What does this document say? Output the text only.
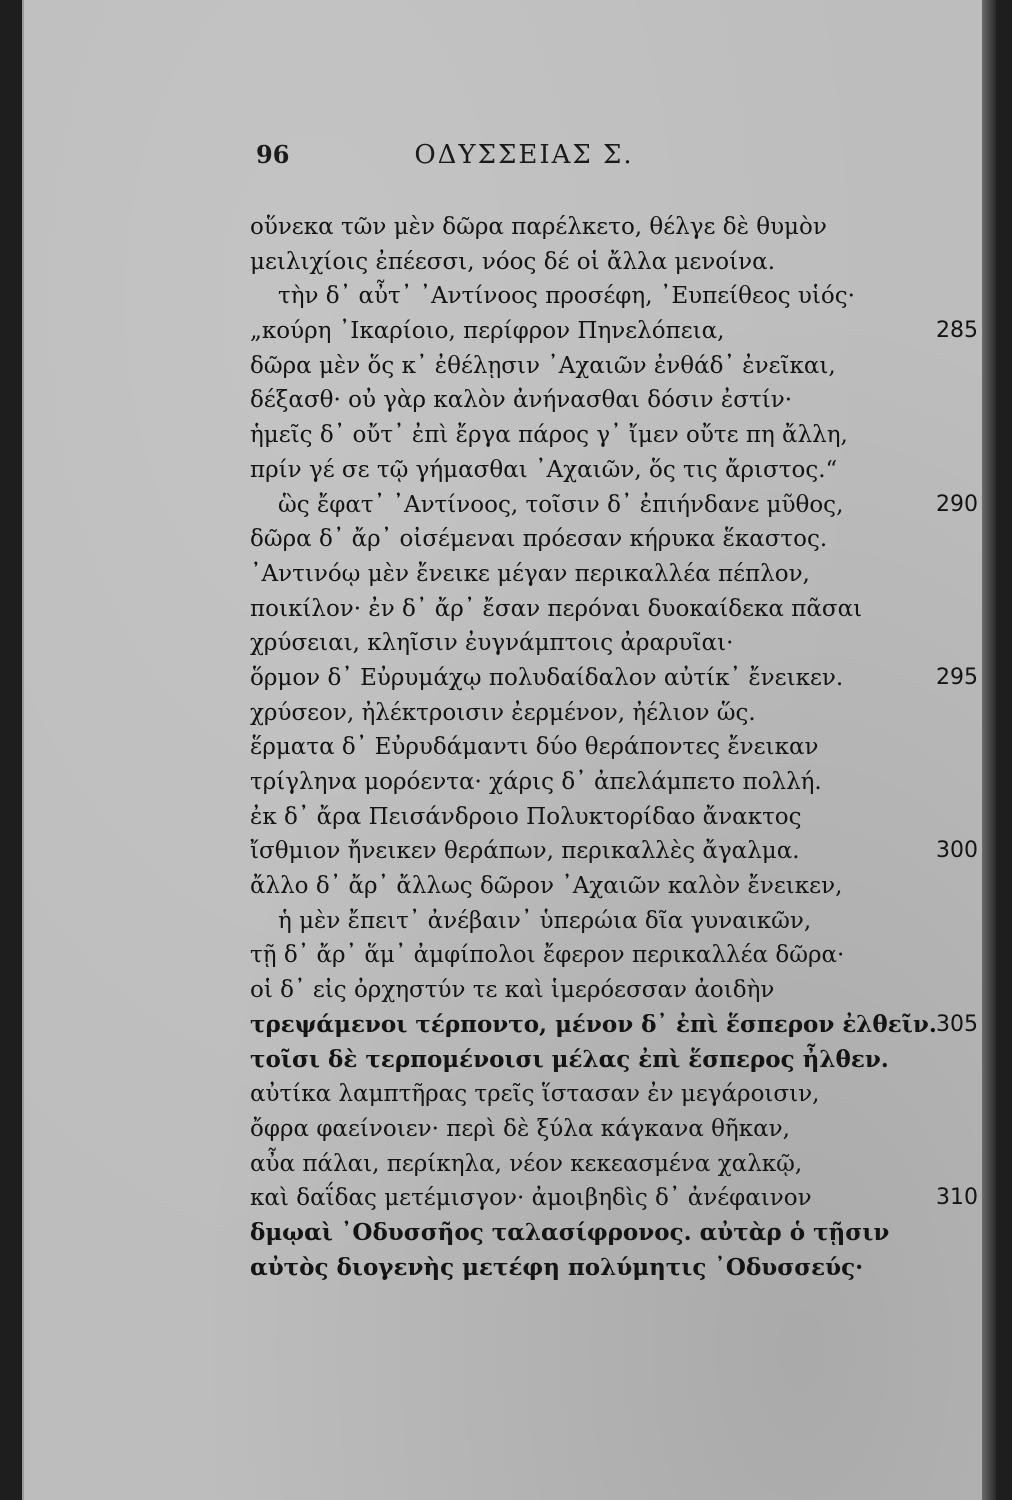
96	ΟΔΥΣΣΕΙΑΣ Σ.
οὕνεκα τῶν μὲν δῶρα παρέλκετο, θέλγε δὲ θυμὸν
μειλιχίοις ἐπέεσσι, νόος δέ οἱ ἄλλα μενοίνα.
τὴν δ᾽ αὖτ᾽ ᾽Αντίνοος προσέφη, ᾽Ευπείθεος υἱός·
„κούρη ᾽Ικαρίοιο, περίφρον Πηνελόπεια,	285
δῶρα μὲν ὅς κ᾽ ἐθέλῃσιν ᾽Αχαιῶν ἐνθάδ᾽ ἐνεῖκαι,
δέξασθ· οὐ γὰρ καλὸν ἀνήνασθαι δόσιν ἐστίν·
ἡμεῖς δ᾽ οὔτ᾽ ἐπὶ ἔργα πάρος γ᾽ ἴμεν οὔτε πη ἄλλη,
πρίν γέ σε τῷ γήμασθαι ᾽Αχαιῶν, ὅς τις ἄριστος.“
ὣς ἔφατ᾽ ᾽Αντίνοος, τοῖσιν δ᾽ ἐπιήνδανε μῦθος,	290
δῶρα δ᾽ ἄρ᾽ οἰσέμεναι πρόεσαν κήρυκα ἕκαστος.
᾽Αντινόῳ μὲν ἔνεικε μέγαν περικαλλέα πέπλον,
ποικίλον· ἐν δ᾽ ἄρ᾽ ἔσαν περόναι δυοκαίδεκα πᾶσαι
χρύσειαι, κληῖσιν ἐυγνάμπτοις ἀραρυῖαι·
ὅρμον δ᾽ Εὐρυμάχῳ πολυδαίδαλον αὐτίκ᾽ ἔνεικεν.	295
χρύσεον, ἠλέκτροισιν ἐερμένον, ἠέλιον ὥς.
ἕρματα δ᾽ Εὐρυδάμαντι δύο θεράποντες ἔνεικαν
τρίγληνα μορόεντα· χάρις δ᾽ ἀπελάμπετο πολλή.
ἐκ δ᾽ ἄρα Πεισάνδροιο Πολυκτορίδαο ἄνακτος
ἴσθμιον ἤνεικεν θεράπων, περικαλλὲς ἄγαλμα.	300
ἄλλο δ᾽ ἄρ᾽ ἄλλως δῶρον ᾽Αχαιῶν καλὸν ἔνεικεν,
ἡ μὲν ἔπειτ᾽ ἀνέβαιν᾽ ὑπερώια δῖα γυναικῶν,
τῇ δ᾽ ἄρ᾽ ἅμ᾽ ἀμφίπολοι ἔφερον περικαλλέα δῶρα·
οἱ δ᾽ εἰς ὀρχηστύν τε καὶ ἱμερόεσσαν ἀοιδὴν
τρεψάμενοι τέρποντο, μένον δ᾽ ἐπὶ ἕσπερον ἐλθεῖν. 305
τοῖσι δὲ τερπομένοισι μέλας ἐπὶ ἕσπερος ἦλθεν.
αὐτίκα λαμπτῆρας τρεῖς ἵστασαν ἐν μεγάροισιν,
ὄφρα φαείνοιεν· περὶ δὲ ξύλα κάγκανα θῆκαν,
αὖα πάλαι, περίκηλα, νέον κεκεασμένα χαλκῷ,
καὶ δαΐδας μετέμισγον· ἀμοιβηδὶς δ᾽ ἀνέφαινον	310
δμῳαὶ ᾽Οδυσσῆος ταλασίφρονος. αὐτὰρ ὁ τῇσιν
αὐτὸς διογενὴς μετέφη πολύμητις ᾽Οδυσσεύς·
